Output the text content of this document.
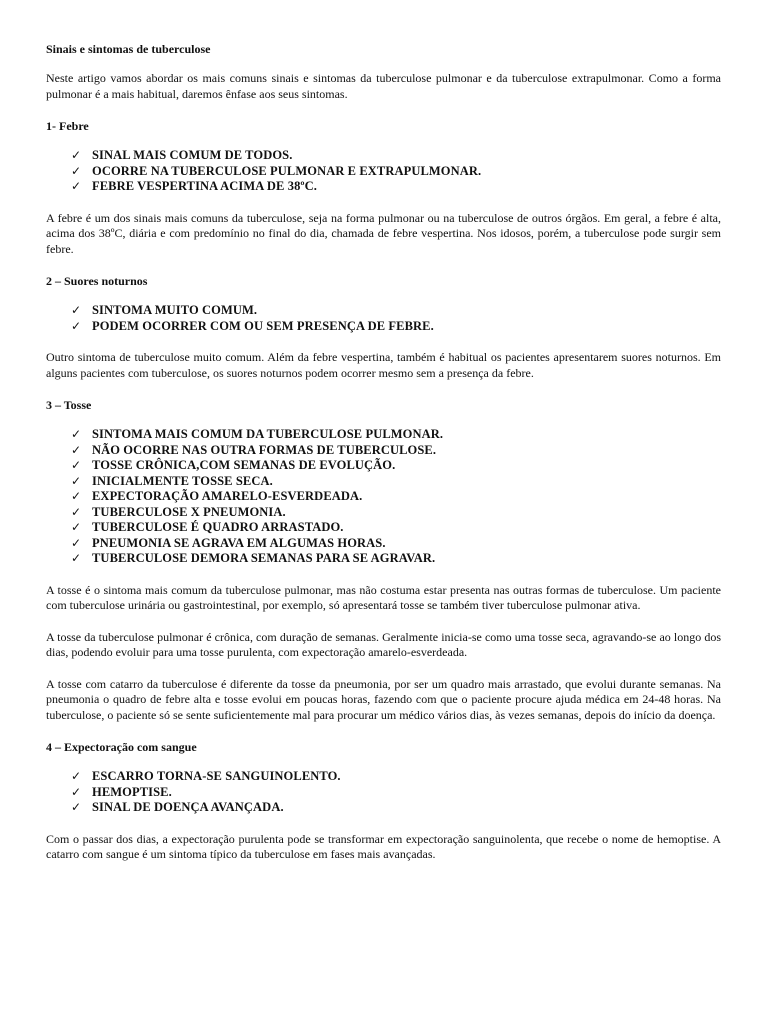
Sinais e sintomas de tuberculose

Neste artigo vamos abordar os mais comuns sinais e sintomas da tuberculose pulmonar e da tuberculose extrapulmonar. Como a forma pulmonar é a mais habitual, daremos ênfase aos seus sintomas.

1- Febre
✓ SINAL MAIS COMUM DE TODOS.
✓ OCORRE NA TUBERCULOSE PULMONAR E EXTRAPULMONAR.
✓ FEBRE VESPERTINA ACIMA DE 38ºC.

A febre é um dos sinais mais comuns da tuberculose, seja na forma pulmonar ou na tuberculose de outros órgãos. Em geral, a febre é alta, acima dos 38ºC, diária e com predomínio no final do dia, chamada de febre vespertina. Nos idosos, porém, a tuberculose pode surgir sem febre.

2 – Suores noturnos
✓ SINTOMA MUITO COMUM.
✓ PODEM OCORRER COM OU SEM PRESENÇA DE FEBRE.

Outro sintoma de tuberculose muito comum. Além da febre vespertina, também é habitual os pacientes apresentarem suores noturnos. Em alguns pacientes com tuberculose, os suores noturnos podem ocorrer mesmo sem a presença da febre.

3 – Tosse
✓ SINTOMA MAIS COMUM DA TUBERCULOSE PULMONAR.
✓ NÃO OCORRE NAS OUTRA FORMAS DE TUBERCULOSE.
✓ TOSSE CRÔNICA,COM SEMANAS DE EVOLUÇÃO.
✓ INICIALMENTE TOSSE SECA.
✓ EXPECTORAÇÃO AMARELO-ESVERDEADA.
✓ TUBERCULOSE X PNEUMONIA.
✓ TUBERCULOSE É QUADRO ARRASTADO.
✓ PNEUMONIA SE AGRAVA EM ALGUMAS HORAS.
✓ TUBERCULOSE DEMORA SEMANAS PARA SE AGRAVAR.

A tosse é o sintoma mais comum da tuberculose pulmonar, mas não costuma estar presenta nas outras formas de tuberculose. Um paciente com tuberculose urinária ou gastrointestinal, por exemplo, só apresentará tosse se também tiver tuberculose pulmonar ativa.

A tosse da tuberculose pulmonar é crônica, com duração de semanas. Geralmente inicia-se como uma tosse seca, agravando-se ao longo dos dias, podendo evoluir para uma tosse purulenta, com expectoração amarelo-esverdeada.

A tosse com catarro da tuberculose é diferente da tosse da pneumonia, por ser um quadro mais arrastado, que evolui durante semanas. Na pneumonia o quadro de febre alta e tosse evolui em poucas horas, fazendo com que o paciente procure ajuda médica em 24-48 horas. Na tuberculose, o paciente só se sente suficientemente mal para procurar um médico vários dias, às vezes semanas, depois do início da doença.

4 – Expectoração com sangue
✓ ESCARRO TORNA-SE SANGUINOLENTO.
✓ HEMOPTISE.
✓ SINAL DE DOENÇA AVANÇADA.

Com o passar dos dias, a expectoração purulenta pode se transformar em expectoração sanguinolenta, que recebe o nome de hemoptise. A catarro com sangue é um sintoma típico da tuberculose em fases mais avançadas.
